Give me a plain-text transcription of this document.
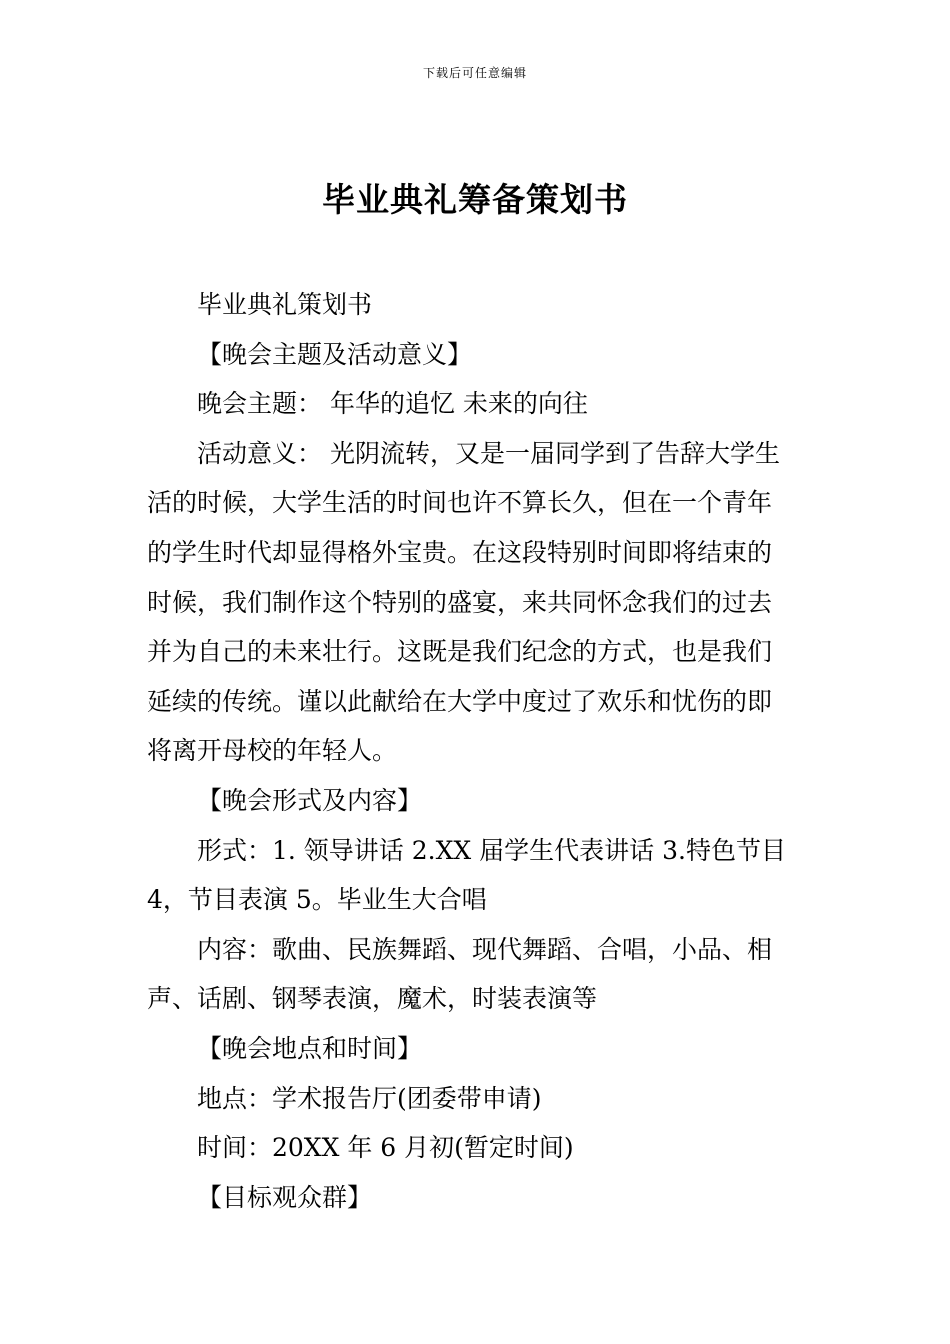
下载后可任意编辑
毕业典礼筹备策划书

毕业典礼策划书

【晚会主题及活动意义】

晚会主题： 年华的追忆 未来的向往

活动意义： 光阴流转，又是一届同学到了告辞大学生

活的时候，大学生活的时间也许不算长久，但在一个青年

的学生时代却显得格外宝贵。在这段特别时间即将结束的

时候，我们制作这个特别的盛宴，来共同怀念我们的过去

并为自己的未来壮行。这既是我们纪念的方式，也是我们

延续的传统。谨以此献给在大学中度过了欢乐和忧伤的即

将离开母校的年轻人。

【晚会形式及内容】

形式：1. 领导讲话 2.XX 届学生代表讲话 3.特色节目

4，节目表演 5。毕业生大合唱

内容：歌曲、民族舞蹈、现代舞蹈、合唱，小品、相

声、话剧、钢琴表演，魔术，时装表演等

【晚会地点和时间】

地点：学术报告厅(团委带申请)

时间：20XX 年 6 月初(暂定时间)

【目标观众群】
